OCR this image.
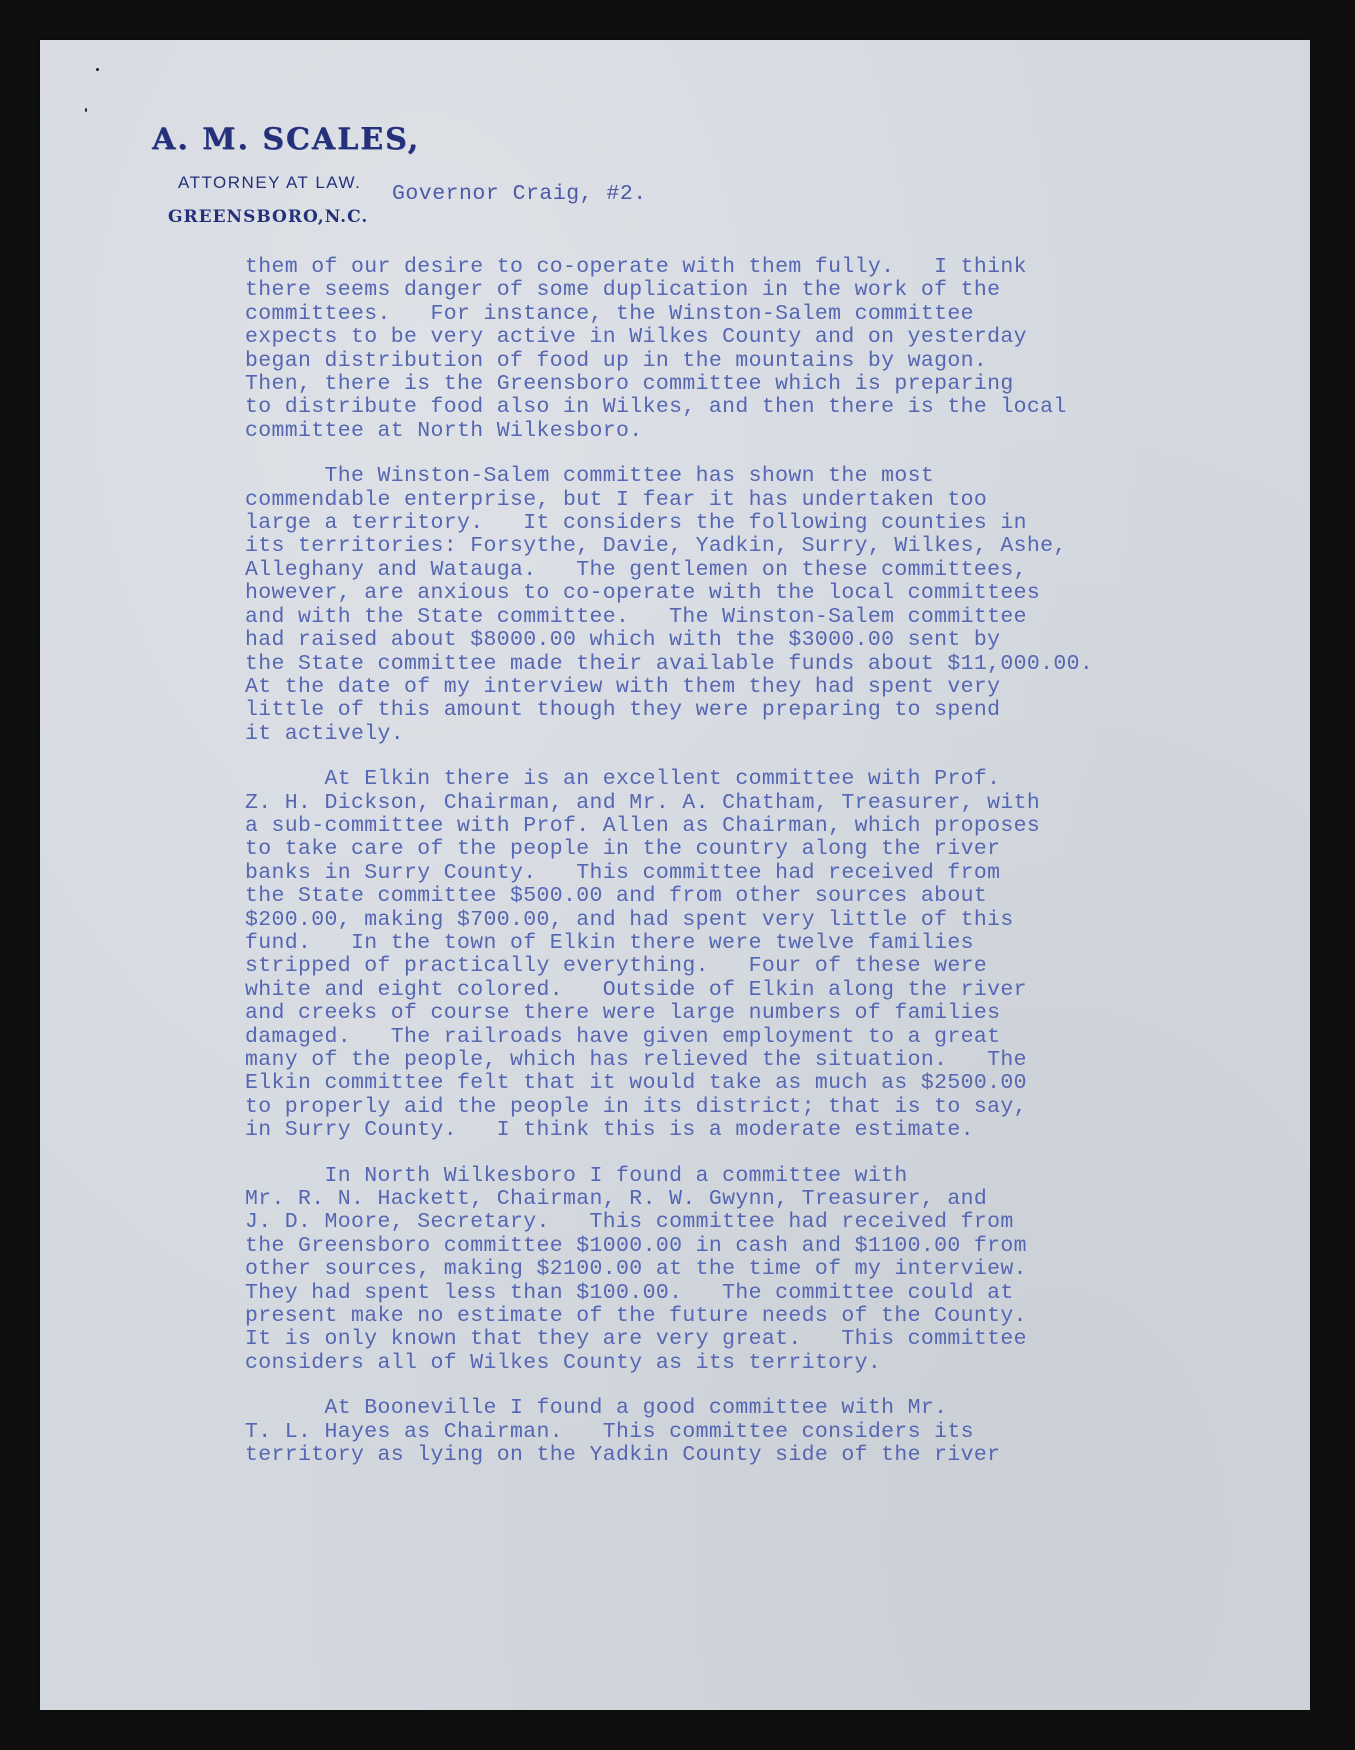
A. M. SCALES,
ATTORNEY AT LAW.
GREENSBORO,N.C.
Governor Craig, #2.
them of our desire to co-operate with them fully.   I think
there seems danger of some duplication in the work of the
committees.   For instance, the Winston-Salem committee
expects to be very active in Wilkes County and on yesterday
began distribution of food up in the mountains by wagon.
Then, there is the Greensboro committee which is preparing
to distribute food also in Wilkes, and then there is the local
committee at North Wilkesboro.
The Winston-Salem committee has shown the most
commendable enterprise, but I fear it has undertaken too
large a territory.   It considers the following counties in
its territories: Forsythe, Davie, Yadkin, Surry, Wilkes, Ashe,
Alleghany and Watauga.   The gentlemen on these committees,
however, are anxious to co-operate with the local committees
and with the State committee.   The Winston-Salem committee
had raised about $8000.00 which with the $3000.00 sent by
the State committee made their available funds about $11,000.00.
At the date of my interview with them they had spent very
little of this amount though they were preparing to spend
it actively.
At Elkin there is an excellent committee with Prof.
Z. H. Dickson, Chairman, and Mr. A. Chatham, Treasurer, with
a sub-committee with Prof. Allen as Chairman, which proposes
to take care of the people in the country along the river
banks in Surry County.   This committee had received from
the State committee $500.00 and from other sources about
$200.00, making $700.00, and had spent very little of this
fund.   In the town of Elkin there were twelve families
stripped of practically everything.   Four of these were
white and eight colored.   Outside of Elkin along the river
and creeks of course there were large numbers of families
damaged.   The railroads have given employment to a great
many of the people, which has relieved the situation.   The
Elkin committee felt that it would take as much as $2500.00
to properly aid the people in its district; that is to say,
in Surry County.   I think this is a moderate estimate.
In North Wilkesboro I found a committee with
Mr. R. N. Hackett, Chairman, R. W. Gwynn, Treasurer, and
J. D. Moore, Secretary.   This committee had received from
the Greensboro committee $1000.00 in cash and $1100.00 from
other sources, making $2100.00 at the time of my interview.
They had spent less than $100.00.   The committee could at
present make no estimate of the future needs of the County.
It is only known that they are very great.   This committee
considers all of Wilkes County as its territory.
At Booneville I found a good committee with Mr.
T. L. Hayes as Chairman.   This committee considers its
territory as lying on the Yadkin County side of the river
